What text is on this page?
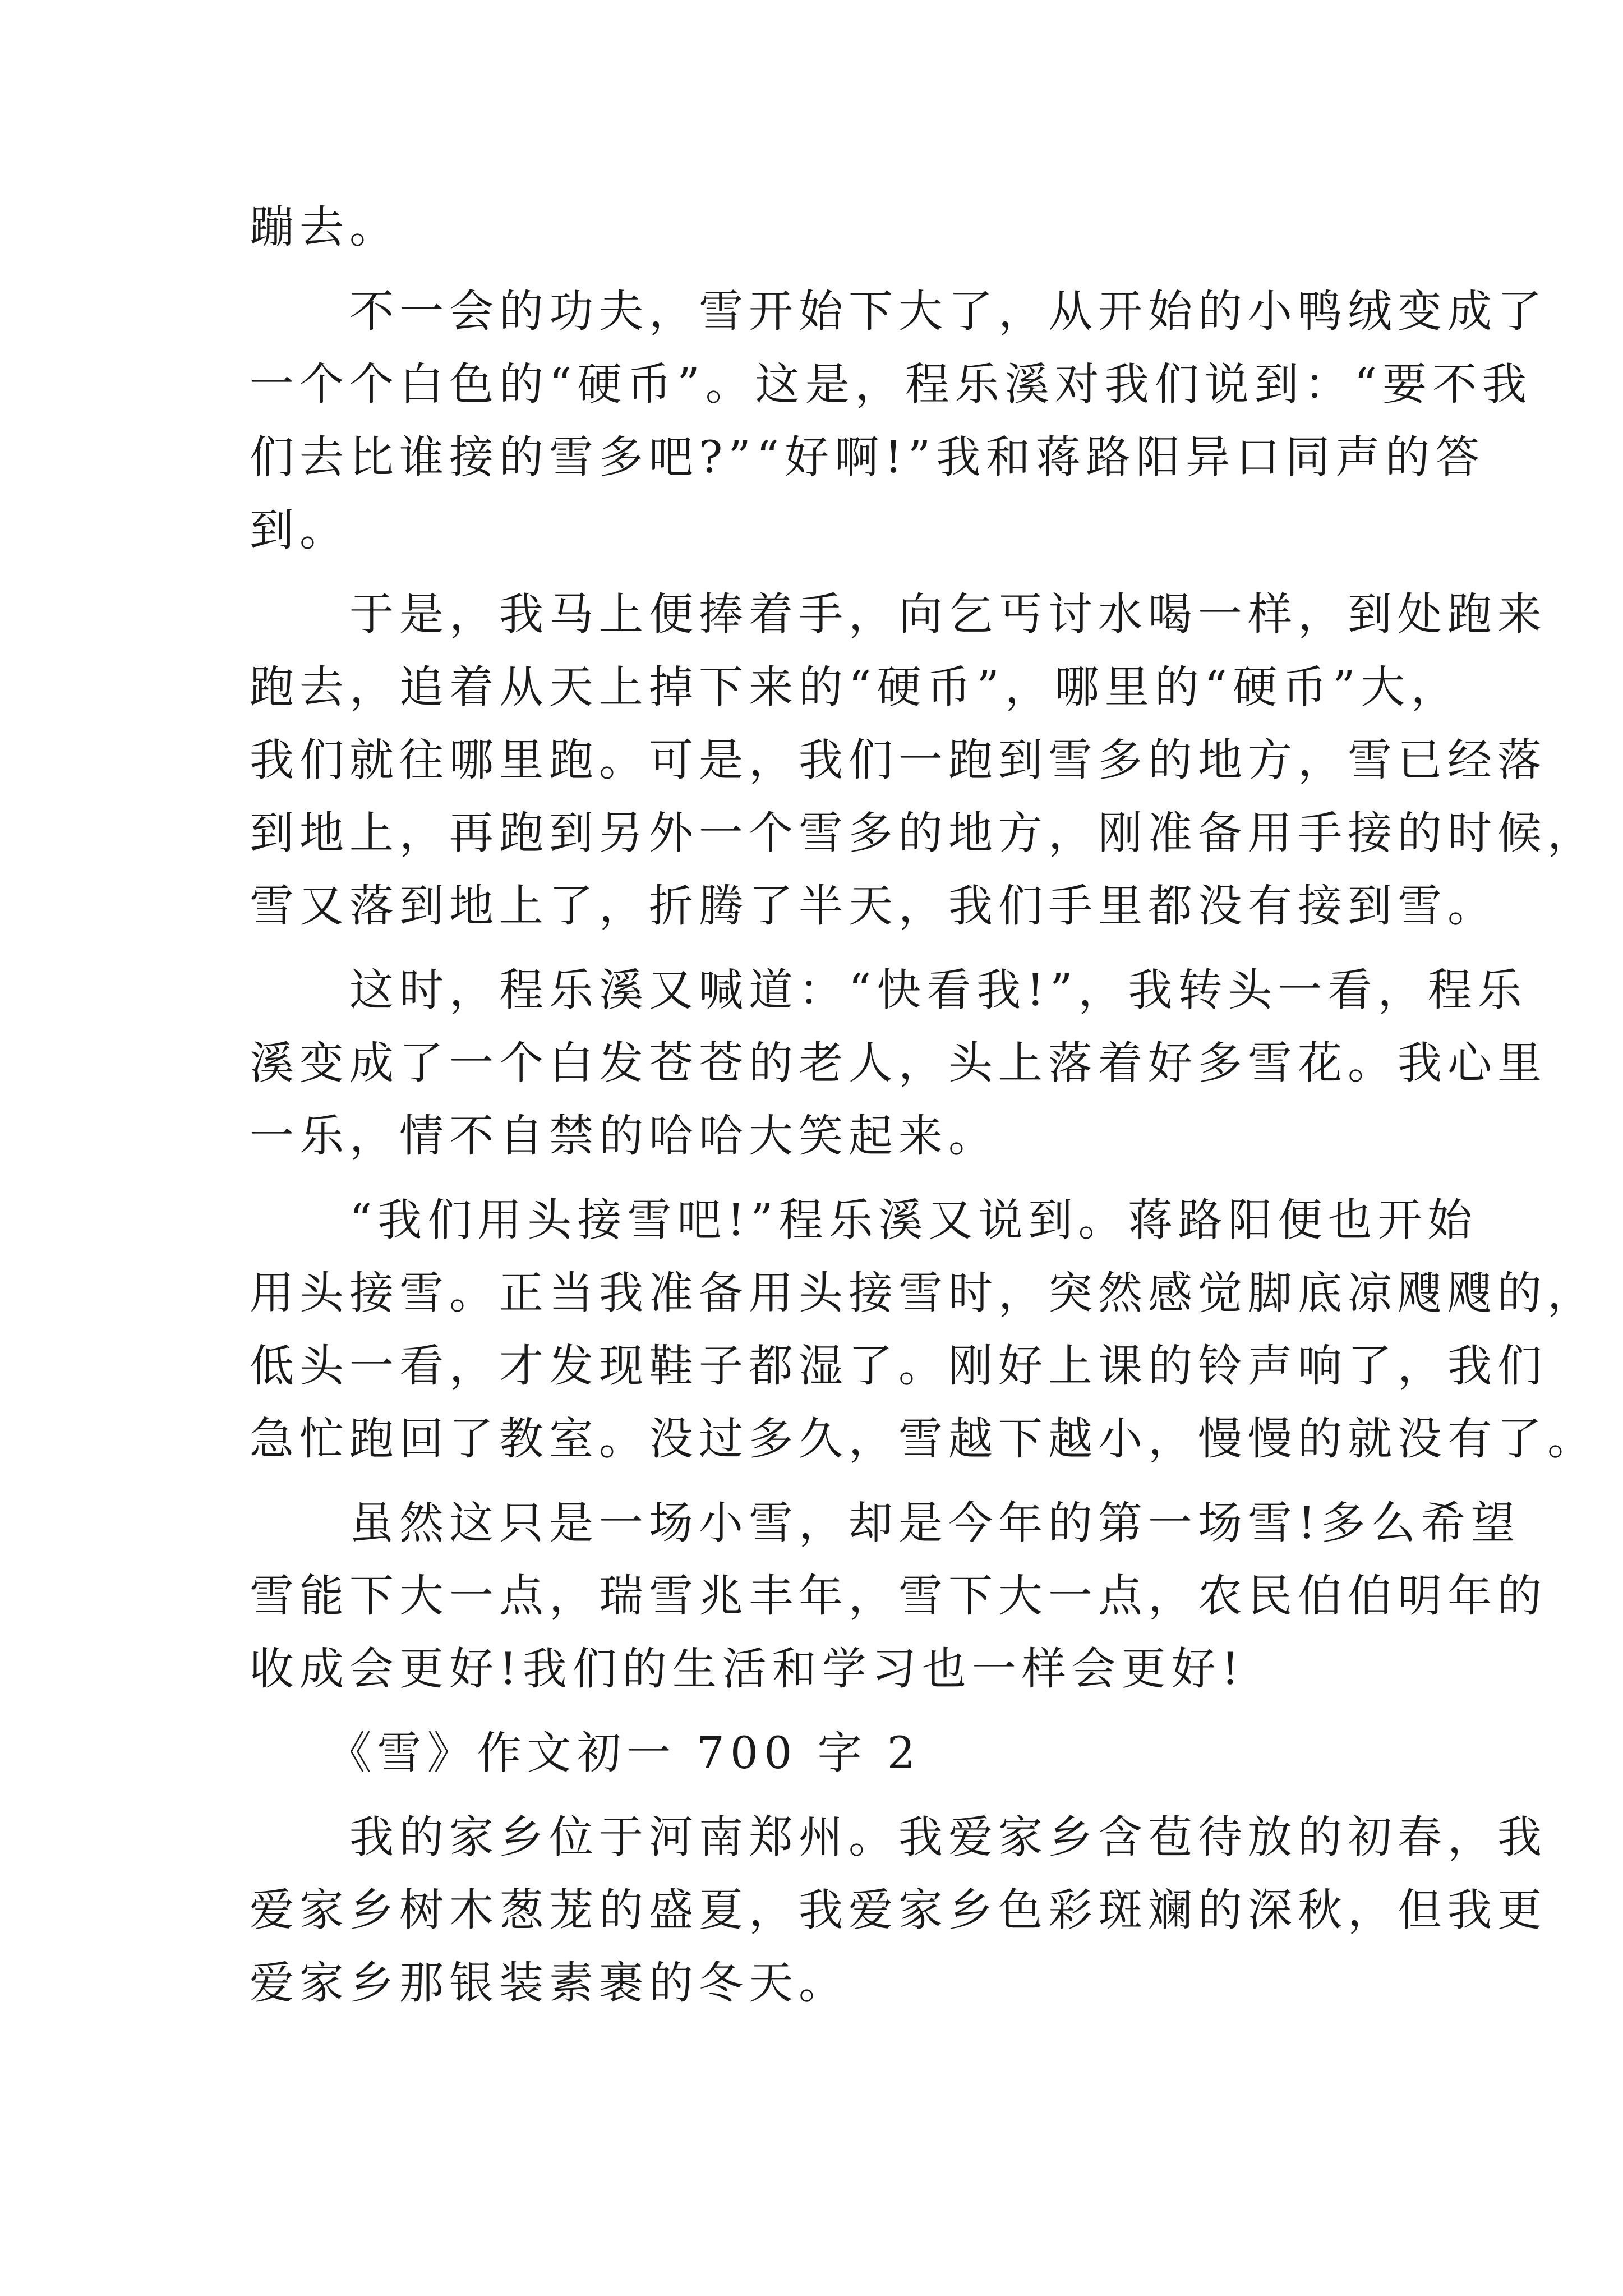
蹦去。
　　不一会的功夫，雪开始下大了，从开始的小鸭绒变成了
一个个白色的“硬币”。这是，程乐溪对我们说到：“要不我
们去比谁接的雪多吧?”“好啊!”我和蒋路阳异口同声的答
到。
　　于是，我马上便捧着手，向乞丐讨水喝一样，到处跑来
跑去，追着从天上掉下来的“硬币”，哪里的“硬币”大，
我们就往哪里跑。可是，我们一跑到雪多的地方，雪已经落
到地上，再跑到另外一个雪多的地方，刚准备用手接的时候，
雪又落到地上了，折腾了半天，我们手里都没有接到雪。
　　这时，程乐溪又喊道：“快看我!”，我转头一看，程乐
溪变成了一个白发苍苍的老人，头上落着好多雪花。我心里
一乐，情不自禁的哈哈大笑起来。
　　“我们用头接雪吧!”程乐溪又说到。蒋路阳便也开始
用头接雪。正当我准备用头接雪时，突然感觉脚底凉飕飕的，
低头一看，才发现鞋子都湿了。刚好上课的铃声响了，我们
急忙跑回了教室。没过多久，雪越下越小，慢慢的就没有了。
　　虽然这只是一场小雪，却是今年的第一场雪!多么希望
雪能下大一点，瑞雪兆丰年，雪下大一点，农民伯伯明年的
收成会更好!我们的生活和学习也一样会更好!
　　《雪》作文初一 700 字 2
　　我的家乡位于河南郑州。我爱家乡含苞待放的初春，我
爱家乡树木葱茏的盛夏，我爱家乡色彩斑斓的深秋，但我更
爱家乡那银装素裹的冬天。
